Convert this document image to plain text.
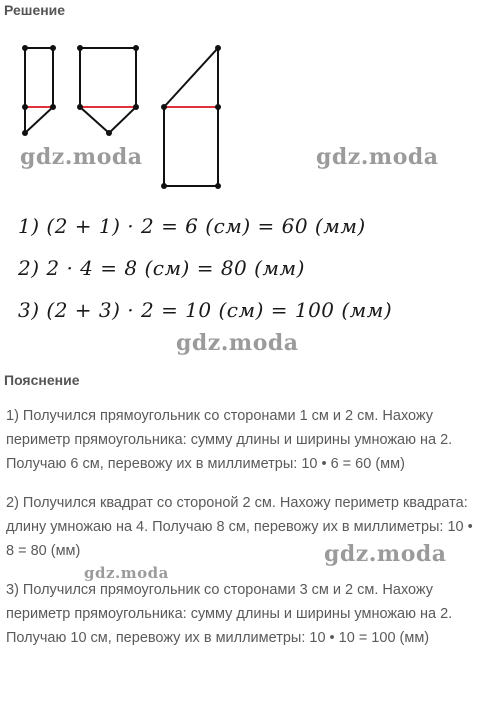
Решение
1) (2 + 1) · 2 = 6 (см) = 60 (мм)
2) 2 · 4 = 8 (см) = 80 (мм)
3) (2 + 3) · 2 = 10 (см) = 100 (мм)
Пояснение
1) Получился прямоугольник со сторонами 1 см и 2 см. Нахожу периметр прямоугольника: сумму длины и ширины умножаю на 2. Получаю 6 см, перевожу их в миллиметры: 10 • 6 = 60 (мм)
2) Получился квадрат со стороной 2 см. Нахожу периметр квадрата: длину умножаю на 4. Получаю 8 см, перевожу их в миллиметры: 10 • 8 = 80 (мм)
3) Получился прямоугольник со сторонами 3 см и 2 см. Нахожу периметр прямоугольника: сумму длины и ширины умножаю на 2. Получаю 10 см, перевожу их в миллиметры: 10 • 10 = 100 (мм)
gdz.moda	gdz.moda
gdz.moda
gdz.moda
gdz.moda
